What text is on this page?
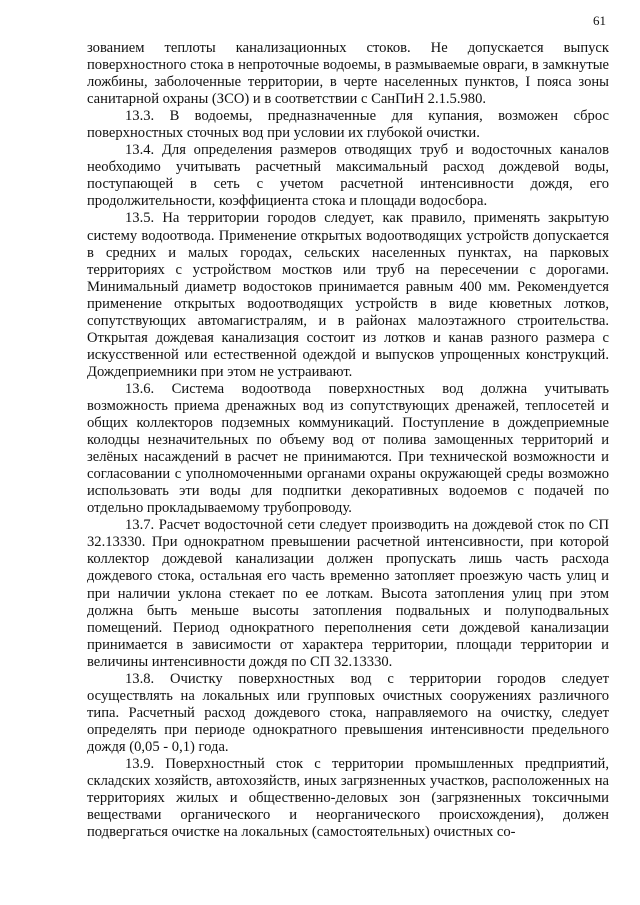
61

зованием теплоты канализационных стоков. Не допускается выпуск поверхностного стока в непроточные водоемы, в размываемые овраги, в замкнутые ложбины, заболоченные территории, в черте населенных пунктов, I пояса зоны санитарной охраны (ЗСО) и в соответствии с СанПиН 2.1.5.980.

13.3. В водоемы, предназначенные для купания, возможен сброс поверхностных сточных вод при условии их глубокой очистки.

13.4. Для определения размеров отводящих труб и водосточных каналов необходимо учитывать расчетный максимальный расход дождевой воды, поступающей в сеть с учетом расчетной интенсивности дождя, его продолжительности, коэффициента стока и площади водосбора.

13.5. На территории городов следует, как правило, применять закрытую систему водоотвода. Применение открытых водоотводящих устройств допускается в средних и малых городах, сельских населенных пунктах, на парковых территориях с устройством мостков или труб на пересечении с дорогами. Минимальный диаметр водостоков принимается равным 400 мм. Рекомендуется применение открытых водоотводящих устройств в виде кюветных лотков, сопутствующих автомагистралям, и в районах малоэтажного строительства. Открытая дождевая канализация состоит из лотков и канав разного размера с искусственной или естественной одеждой и выпусков упрощенных конструкций. Дождеприемники при этом не устраивают.

13.6. Система водоотвода поверхностных вод должна учитывать возможность приема дренажных вод из сопутствующих дренажей, теплосетей и общих коллекторов подземных коммуникаций. Поступление в дождеприемные колодцы незначительных по объему вод от полива замощенных территорий и зелёных насаждений в расчет не принимаются. При технической возможности и согласовании с уполномоченными органами охраны окружающей среды возможно использовать эти воды для подпитки декоративных водоемов с подачей по отдельно прокладываемому трубопроводу.

13.7. Расчет водосточной сети следует производить на дождевой сток по СП 32.13330. При однократном превышении расчетной интенсивности, при которой коллектор дождевой канализации должен пропускать лишь часть расхода дождевого стока, остальная его часть временно затопляет проезжую часть улиц и при наличии уклона стекает по ее лоткам. Высота затопления улиц при этом должна быть меньше высоты затопления подвальных и полуподвальных помещений. Период однократного переполнения сети дождевой канализации принимается в зависимости от характера территории, площади территории и величины интенсивности дождя по СП 32.13330.

13.8. Очистку поверхностных вод с территории городов следует осуществлять на локальных или групповых очистных сооружениях различного типа. Расчетный расход дождевого стока, направляемого на очистку, следует определять при периоде однократного превышения интенсивности предельного дождя (0,05 - 0,1) года.

13.9. Поверхностный сток с территории промышленных предприятий, складских хозяйств, автохозяйств, иных загрязненных участков, расположенных на территориях жилых и общественно-деловых зон (загрязненных токсичными веществами органического и неорганического происхождения), должен подвергаться очистке на локальных (самостоятельных) очистных со-
